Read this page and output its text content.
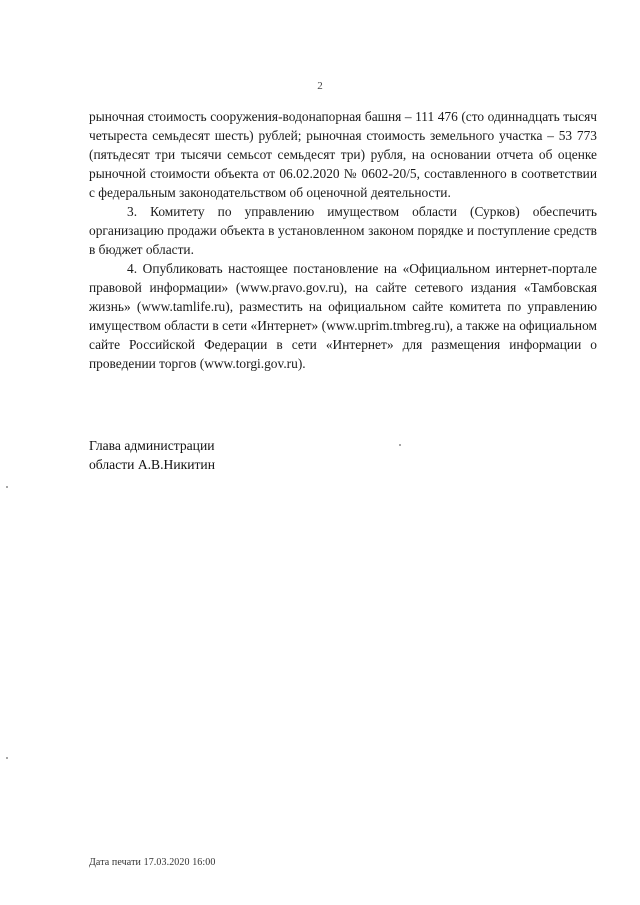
2

рыночная стоимость сооружения-водонапорная башня – 111 476 (сто одиннадцать тысяч четыреста семьдесят шесть) рублей; рыночная стоимость земельного участка – 53 773 (пятьдесят три тысячи семьсот семьдесят три) рубля, на основании отчета об оценке рыночной стоимости объекта от 06.02.2020 № 0602-20/5, составленного в соответствии с федеральным законодательством об оценочной деятельности.

3. Комитету по управлению имуществом области (Сурков) обеспечить организацию продажи объекта в установленном законом порядке и поступление средств в бюджет области.

4. Опубликовать настоящее постановление на «Официальном интернет-портале правовой информации» (www.pravo.gov.ru), на сайте сетевого издания «Тамбовская жизнь» (www.tamlife.ru), разместить на официальном сайте комитета по управлению имуществом области в сети «Интернет» (www.uprim.tmbreg.ru), а также на официальном сайте Российской Федерации в сети «Интернет» для размещения информации о проведении торгов (www.torgi.gov.ru).

Глава администрации
области А.В.Никитин
Дата печати 17.03.2020 16:00
